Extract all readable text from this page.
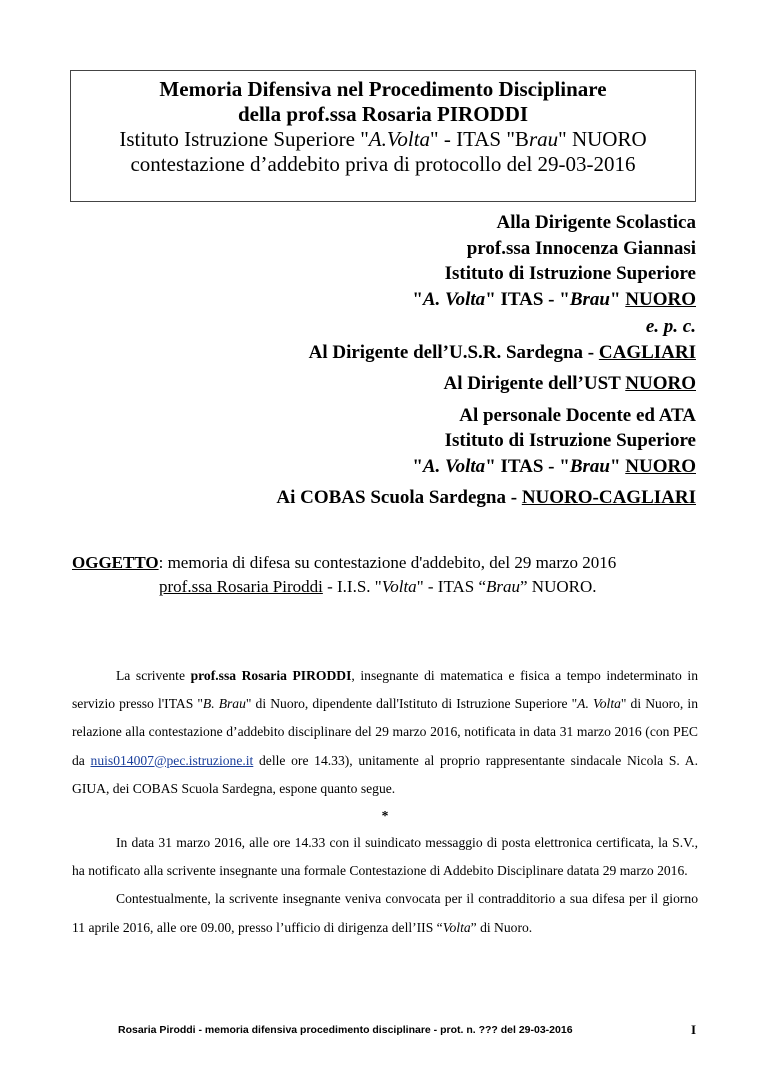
Memoria Difensiva nel Procedimento Disciplinare
della prof.ssa Rosaria PIRODDI
Istituto Istruzione Superiore "A.Volta" - ITAS "Brau" NUORO
contestazione d’addebito priva di protocollo del 29-03-2016
Alla Dirigente Scolastica
prof.ssa Innocenza Giannasi
Istituto di Istruzione Superiore
"A. Volta" ITAS - "Brau" NUORO
e. p. c.
Al Dirigente dell’U.S.R. Sardegna - CAGLIARI
Al Dirigente dell’UST NUORO
Al personale Docente ed ATA
Istituto di Istruzione Superiore
"A. Volta" ITAS - "Brau" NUORO
Ai COBAS Scuola Sardegna - NUORO-CAGLIARI
OGGETTO: memoria di difesa su contestazione d'addebito, del 29 marzo 2016
prof.ssa Rosaria Piroddi - I.I.S. "Volta" - ITAS “Brau” NUORO.

La scrivente prof.ssa Rosaria PIRODDI, insegnante di matematica e fisica a tempo indeterminato in servizio presso l'ITAS "B. Brau" di Nuoro, dipendente dall'Istituto di Istruzione Superiore "A. Volta" di Nuoro, in relazione alla contestazione d’addebito disciplinare del 29 marzo 2016, notificata in data 31 marzo 2016 (con PEC da nuis014007@pec.istruzione.it delle ore 14.33), unitamente al proprio rappresentante sindacale Nicola S. A. GIUA, dei COBAS Scuola Sardegna, espone quanto segue.

*

In data 31 marzo 2016, alle ore 14.33 con il suindicato messaggio di posta elettronica certificata, la S.V., ha notificato alla scrivente insegnante una formale Contestazione di Addebito Disciplinare datata 29 marzo 2016.

Contestualmente, la scrivente insegnante veniva convocata per il contradditorio a sua difesa per il giorno 11 aprile 2016, alle ore 09.00, presso l’ufficio di dirigenza dell’IIS “Volta” di Nuoro.

Rosaria Piroddi - memoria difensiva procedimento disciplinare - prot. n. ??? del 29-03-2016	I
